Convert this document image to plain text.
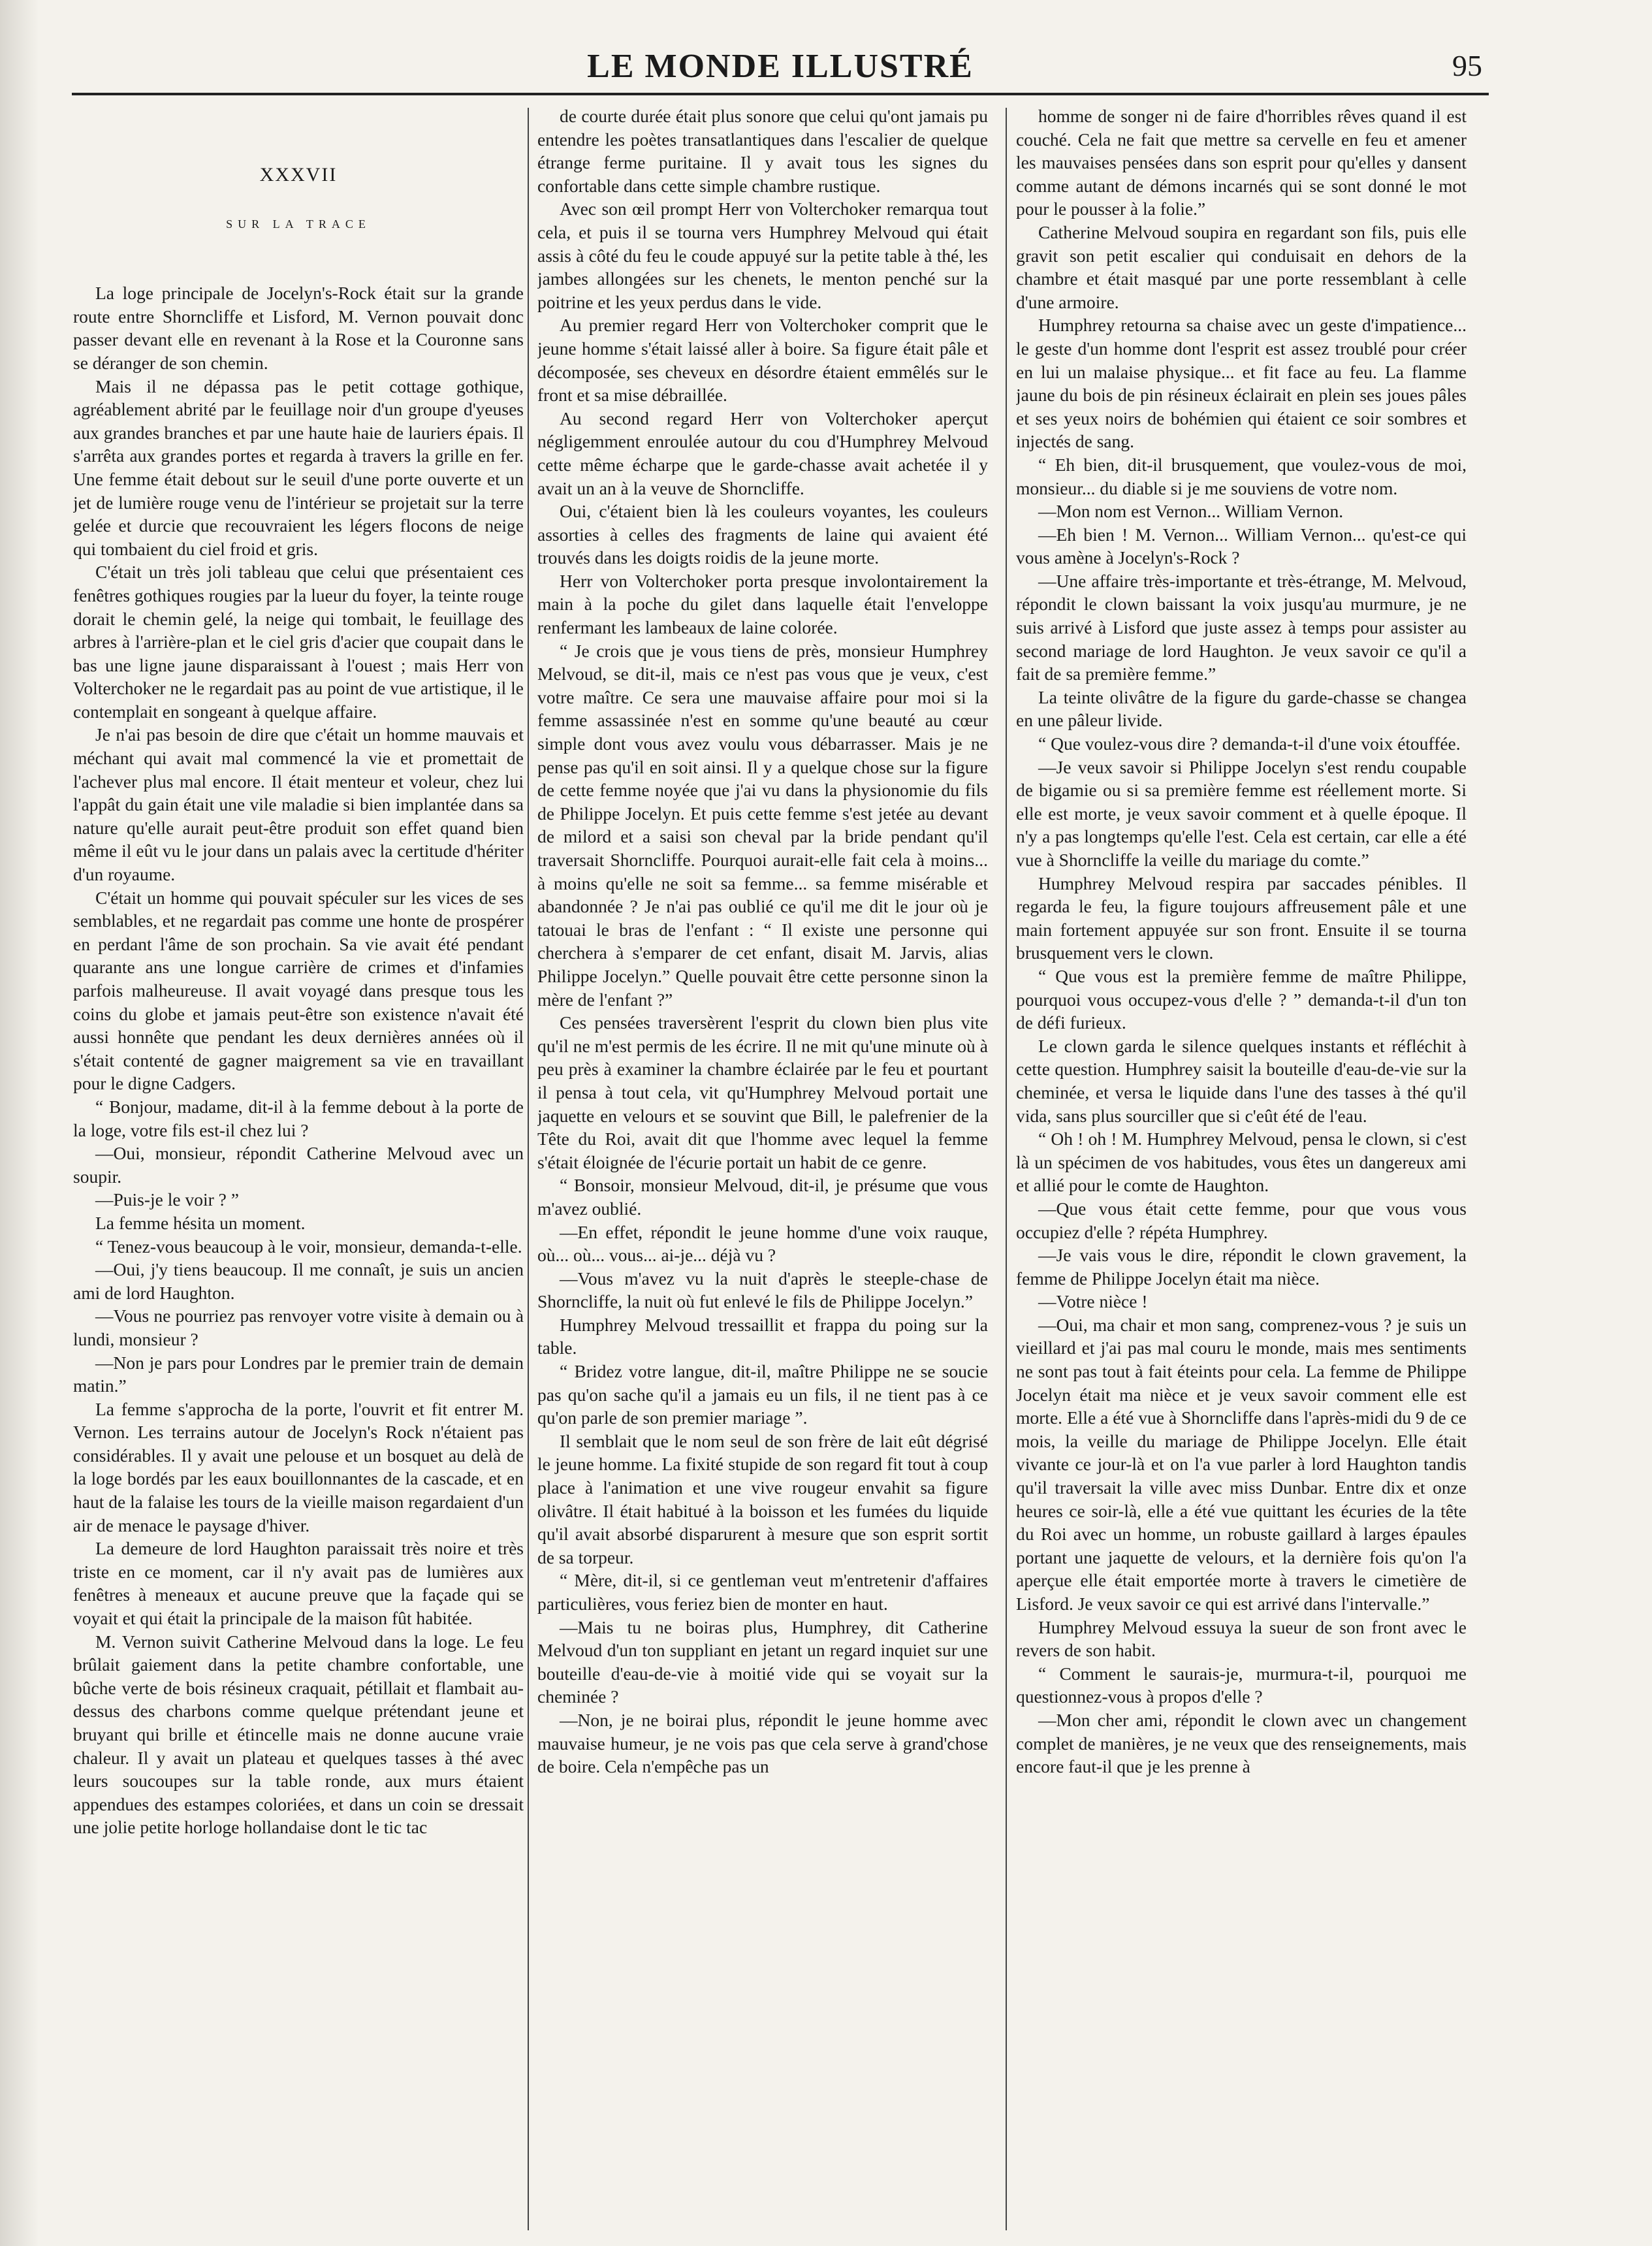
LE MONDE ILLUSTRÉ	95
XXXVII
SUR LA TRACE

La loge principale de Jocelyn's-Rock était sur la grande route entre Shorncliffe et Lisford, M. Vernon pouvait donc passer devant elle en revenant à la Rose et la Couronne sans se déranger de son chemin.

Mais il ne dépassa pas le petit cottage gothique, agréablement abrité par le feuillage noir d'un groupe d'yeuses aux grandes branches et par une haute haie de lauriers épais. Il s'arrêta aux grandes portes et regarda à travers la grille en fer. Une femme était debout sur le seuil d'une porte ouverte et un jet de lumière rouge venu de l'intérieur se projetait sur la terre gelée et durcie que recouvraient les légers flocons de neige qui tombaient du ciel froid et gris.

C'était un très joli tableau que celui que présentaient ces fenêtres gothiques rougies par la lueur du foyer, la teinte rouge dorait le chemin gelé, la neige qui tombait, le feuillage des arbres à l'arrière-plan et le ciel gris d'acier que coupait dans le bas une ligne jaune disparaissant à l'ouest ; mais Herr von Volterchoker ne le regardait pas au point de vue artistique, il le contemplait en songeant à quelque affaire.

Je n'ai pas besoin de dire que c'était un homme mauvais et méchant qui avait mal commencé la vie et promettait de l'achever plus mal encore. Il était menteur et voleur, chez lui l'appât du gain était une vile maladie si bien implantée dans sa nature qu'elle aurait peut-être produit son effet quand bien même il eût vu le jour dans un palais avec la certitude d'hériter d'un royaume.

C'était un homme qui pouvait spéculer sur les vices de ses semblables, et ne regardait pas comme une honte de prospérer en perdant l'âme de son prochain. Sa vie avait été pendant quarante ans une longue carrière de crimes et d'infamies parfois malheureuse. Il avait voyagé dans presque tous les coins du globe et jamais peut-être son existence n'avait été aussi honnête que pendant les deux dernières années où il s'était contenté de gagner maigrement sa vie en travaillant pour le digne Cadgers.

“ Bonjour, madame, dit-il à la femme debout à la porte de la loge, votre fils est-il chez lui ?

—Oui, monsieur, répondit Catherine Melvoud avec un soupir.

—Puis-je le voir ? ”

La femme hésita un moment.

“ Tenez-vous beaucoup à le voir, monsieur, demanda-t-elle.

—Oui, j'y tiens beaucoup. Il me connaît, je suis un ancien ami de lord Haughton.

—Vous ne pourriez pas renvoyer votre visite à demain ou à lundi, monsieur ?

—Non je pars pour Londres par le premier train de demain matin.”

La femme s'approcha de la porte, l'ouvrit et fit entrer M. Vernon. Les terrains autour de Jocelyn's Rock n'étaient pas considérables. Il y avait une pelouse et un bosquet au delà de la loge bordés par les eaux bouillonnantes de la cascade, et en haut de la falaise les tours de la vieille maison regardaient d'un air de menace le paysage d'hiver.

La demeure de lord Haughton paraissait très noire et très triste en ce moment, car il n'y avait pas de lumières aux fenêtres à meneaux et aucune preuve que la façade qui se voyait et qui était la principale de la maison fût habitée.

M. Vernon suivit Catherine Melvoud dans la loge. Le feu brûlait gaiement dans la petite chambre confortable, une bûche verte de bois résineux craquait, pétillait et flambait au-dessus des charbons comme quelque prétendant jeune et bruyant qui brille et étincelle mais ne donne aucune vraie chaleur. Il y avait un plateau et quelques tasses à thé avec leurs soucoupes sur la table ronde, aux murs étaient appendues des estampes coloriées, et dans un coin se dressait une jolie petite horloge hollandaise dont le tic tac

de courte durée était plus sonore que celui qu'ont jamais pu entendre les poètes transatlantiques dans l'escalier de quelque étrange ferme puritaine. Il y avait tous les signes du confortable dans cette simple chambre rustique.

Avec son œil prompt Herr von Volterchoker remarqua tout cela, et puis il se tourna vers Humphrey Melvoud qui était assis à côté du feu le coude appuyé sur la petite table à thé, les jambes allongées sur les chenets, le menton penché sur la poitrine et les yeux perdus dans le vide.

Au premier regard Herr von Volterchoker comprit que le jeune homme s'était laissé aller à boire. Sa figure était pâle et décomposée, ses cheveux en désordre étaient emmêlés sur le front et sa mise débraillée.

Au second regard Herr von Volterchoker aperçut négligemment enroulée autour du cou d'Humphrey Melvoud cette même écharpe que le garde-chasse avait achetée il y avait un an à la veuve de Shorncliffe.

Oui, c'étaient bien là les couleurs voyantes, les couleurs assorties à celles des fragments de laine qui avaient été trouvés dans les doigts roidis de la jeune morte.

Herr von Volterchoker porta presque involontairement la main à la poche du gilet dans laquelle était l'enveloppe renfermant les lambeaux de laine colorée.

“ Je crois que je vous tiens de près, monsieur Humphrey Melvoud, se dit-il, mais ce n'est pas vous que je veux, c'est votre maître. Ce sera une mauvaise affaire pour moi si la femme assassinée n'est en somme qu'une beauté au cœur simple dont vous avez voulu vous débarrasser. Mais je ne pense pas qu'il en soit ainsi. Il y a quelque chose sur la figure de cette femme noyée que j'ai vu dans la physionomie du fils de Philippe Jocelyn. Et puis cette femme s'est jetée au devant de milord et a saisi son cheval par la bride pendant qu'il traversait Shorncliffe. Pourquoi aurait-elle fait cela à moins... à moins qu'elle ne soit sa femme... sa femme misérable et abandonnée ? Je n'ai pas oublié ce qu'il me dit le jour où je tatouai le bras de l'enfant : “ Il existe une personne qui cherchera à s'emparer de cet enfant, disait M. Jarvis, alias Philippe Jocelyn.” Quelle pouvait être cette personne sinon la mère de l'enfant ?”

Ces pensées traversèrent l'esprit du clown bien plus vite qu'il ne m'est permis de les écrire. Il ne mit qu'une minute où à peu près à examiner la chambre éclairée par le feu et pourtant il pensa à tout cela, vit qu'Humphrey Melvoud portait une jaquette en velours et se souvint que Bill, le palefrenier de la Tête du Roi, avait dit que l'homme avec lequel la femme s'était éloignée de l'écurie portait un habit de ce genre.

“ Bonsoir, monsieur Melvoud, dit-il, je présume que vous m'avez oublié.

—En effet, répondit le jeune homme d'une voix rauque, où... où... vous... ai-je... déjà vu ?

—Vous m'avez vu la nuit d'après le steeple-chase de Shorncliffe, la nuit où fut enlevé le fils de Philippe Jocelyn.”

Humphrey Melvoud tressaillit et frappa du poing sur la table.

“ Bridez votre langue, dit-il, maître Philippe ne se soucie pas qu'on sache qu'il a jamais eu un fils, il ne tient pas à ce qu'on parle de son premier mariage ”.

Il semblait que le nom seul de son frère de lait eût dégrisé le jeune homme. La fixité stupide de son regard fit tout à coup place à l'animation et une vive rougeur envahit sa figure olivâtre. Il était habitué à la boisson et les fumées du liquide qu'il avait absorbé disparurent à mesure que son esprit sortit de sa torpeur.

“ Mère, dit-il, si ce gentleman veut m'entretenir d'affaires particulières, vous feriez bien de monter en haut.

—Mais tu ne boiras plus, Humphrey, dit Catherine Melvoud d'un ton suppliant en jetant un regard inquiet sur une bouteille d'eau-de-vie à moitié vide qui se voyait sur la cheminée ?

—Non, je ne boirai plus, répondit le jeune homme avec mauvaise humeur, je ne vois pas que cela serve à grand'chose de boire. Cela n'empêche pas un

homme de songer ni de faire d'horribles rêves quand il est couché. Cela ne fait que mettre sa cervelle en feu et amener les mauvaises pensées dans son esprit pour qu'elles y dansent comme autant de démons incarnés qui se sont donné le mot pour le pousser à la folie.”

Catherine Melvoud soupira en regardant son fils, puis elle gravit son petit escalier qui conduisait en dehors de la chambre et était masqué par une porte ressemblant à celle d'une armoire.

Humphrey retourna sa chaise avec un geste d'impatience... le geste d'un homme dont l'esprit est assez troublé pour créer en lui un malaise physique... et fit face au feu. La flamme jaune du bois de pin résineux éclairait en plein ses joues pâles et ses yeux noirs de bohémien qui étaient ce soir sombres et injectés de sang.

“ Eh bien, dit-il brusquement, que voulez-vous de moi, monsieur... du diable si je me souviens de votre nom.

—Mon nom est Vernon... William Vernon.

—Eh bien ! M. Vernon... William Vernon... qu'est-ce qui vous amène à Jocelyn's-Rock ?

—Une affaire très-importante et très-étrange, M. Melvoud, répondit le clown baissant la voix jusqu'au murmure, je ne suis arrivé à Lisford que juste assez à temps pour assister au second mariage de lord Haughton. Je veux savoir ce qu'il a fait de sa première femme.”

La teinte olivâtre de la figure du garde-chasse se changea en une pâleur livide.

“ Que voulez-vous dire ? demanda-t-il d'une voix étouffée.

—Je veux savoir si Philippe Jocelyn s'est rendu coupable de bigamie ou si sa première femme est réellement morte. Si elle est morte, je veux savoir comment et à quelle époque. Il n'y a pas longtemps qu'elle l'est. Cela est certain, car elle a été vue à Shorncliffe la veille du mariage du comte.”

Humphrey Melvoud respira par saccades pénibles. Il regarda le feu, la figure toujours affreusement pâle et une main fortement appuyée sur son front. Ensuite il se tourna brusquement vers le clown.

“ Que vous est la première femme de maître Philippe, pourquoi vous occupez-vous d'elle ? ” demanda-t-il d'un ton de défi furieux.

Le clown garda le silence quelques instants et réfléchit à cette question. Humphrey saisit la bouteille d'eau-de-vie sur la cheminée, et versa le liquide dans l'une des tasses à thé qu'il vida, sans plus sourciller que si c'eût été de l'eau.

“ Oh ! oh ! M. Humphrey Melvoud, pensa le clown, si c'est là un spécimen de vos habitudes, vous êtes un dangereux ami et allié pour le comte de Haughton.

—Que vous était cette femme, pour que vous vous occupiez d'elle ? répéta Humphrey.

—Je vais vous le dire, répondit le clown gravement, la femme de Philippe Jocelyn était ma nièce.

—Votre nièce !

—Oui, ma chair et mon sang, comprenez-vous ? je suis un vieillard et j'ai pas mal couru le monde, mais mes sentiments ne sont pas tout à fait éteints pour cela. La femme de Philippe Jocelyn était ma nièce et je veux savoir comment elle est morte. Elle a été vue à Shorncliffe dans l'après-midi du 9 de ce mois, la veille du mariage de Philippe Jocelyn. Elle était vivante ce jour-là et on l'a vue parler à lord Haughton tandis qu'il traversait la ville avec miss Dunbar. Entre dix et onze heures ce soir-là, elle a été vue quittant les écuries de la tête du Roi avec un homme, un robuste gaillard à larges épaules portant une jaquette de velours, et la dernière fois qu'on l'a aperçue elle était emportée morte à travers le cimetière de Lisford. Je veux savoir ce qui est arrivé dans l'intervalle.”

Humphrey Melvoud essuya la sueur de son front avec le revers de son habit.

“ Comment le saurais-je, murmura-t-il, pourquoi me questionnez-vous à propos d'elle ?

—Mon cher ami, répondit le clown avec un changement complet de manières, je ne veux que des renseignements, mais encore faut-il que je les prenne à
